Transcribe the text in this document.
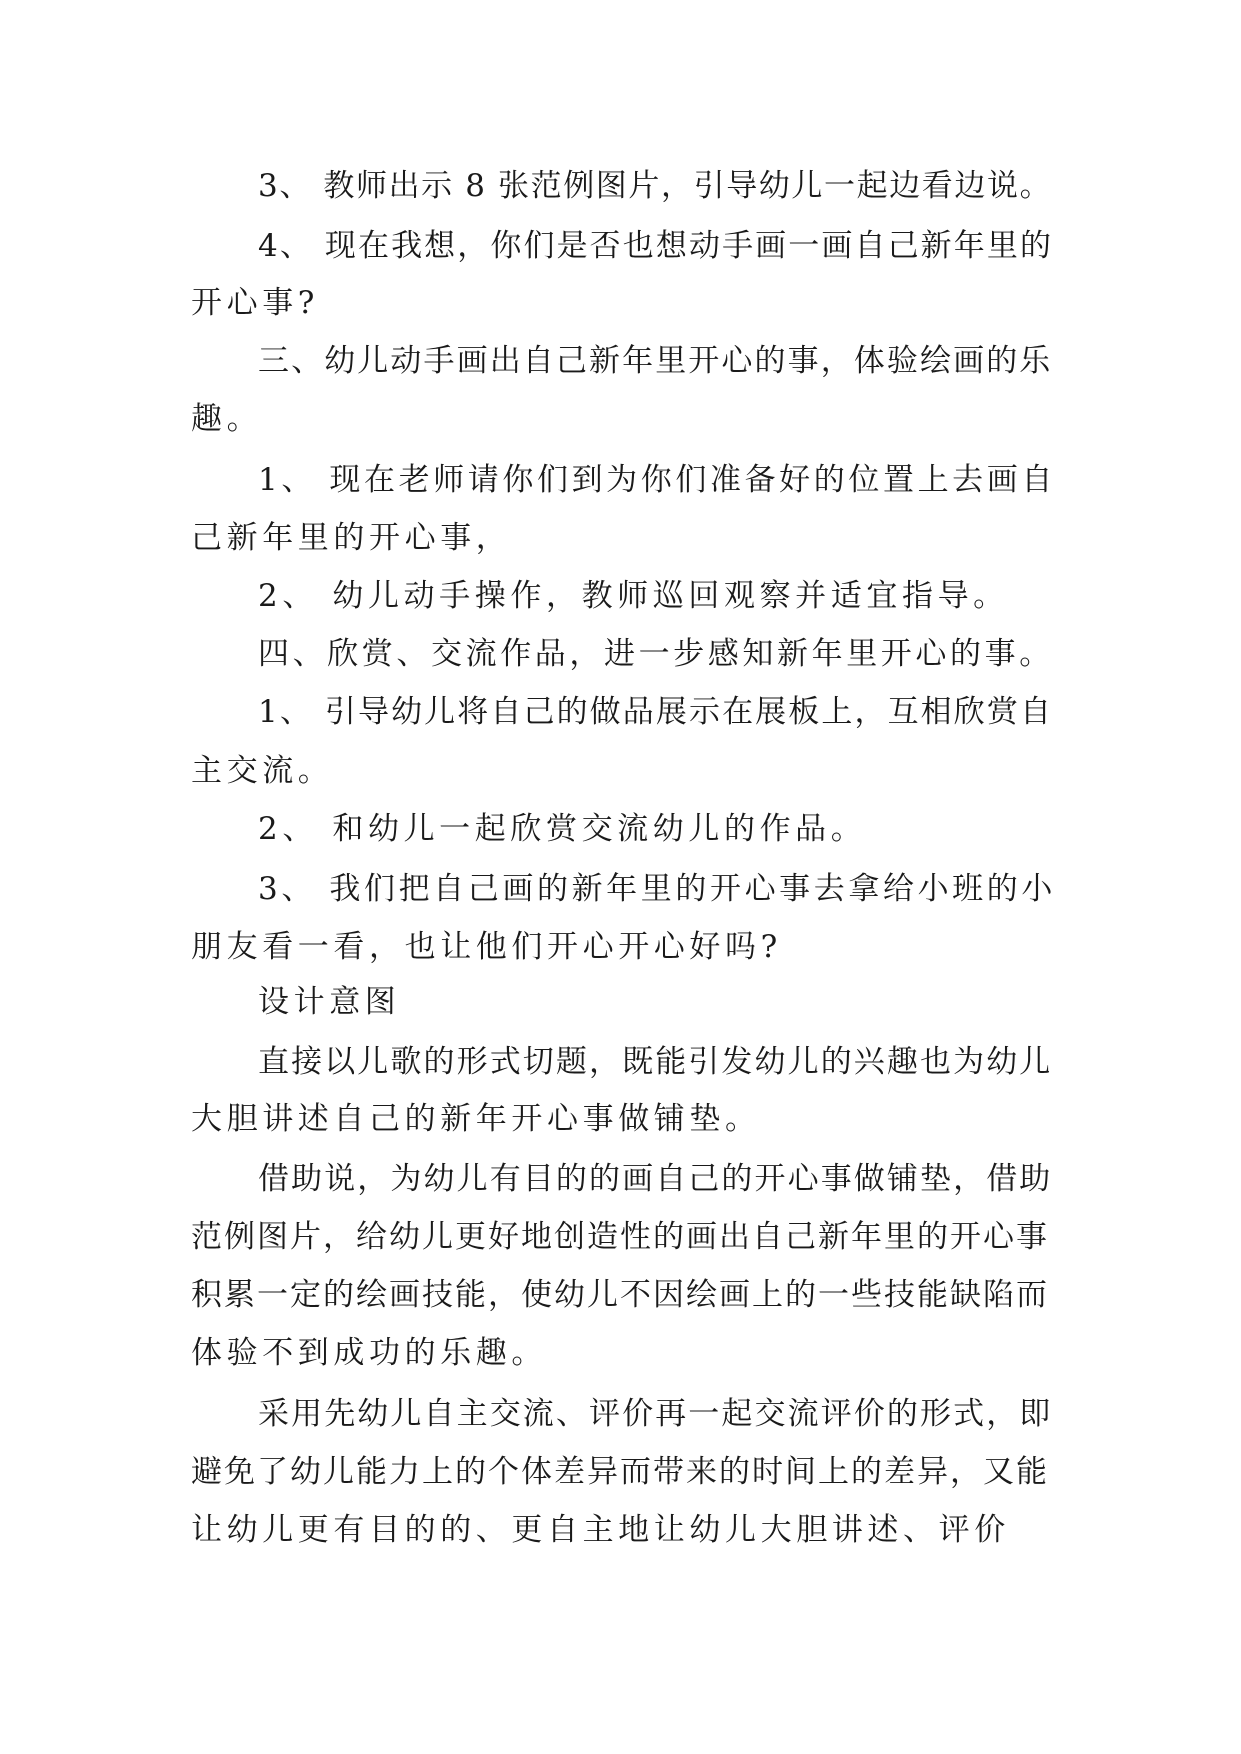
3、 教师出示 8 张范例图片，引导幼儿一起边看边说。

4、 现在我想，你们是否也想动手画一画自己新年里的

开心事?

三、幼儿动手画出自己新年里开心的事，体验绘画的乐

趣。

1、 现在老师请你们到为你们准备好的位置上去画自

己新年里的开心事，

2、 幼儿动手操作，教师巡回观察并适宜指导。

四、欣赏、交流作品，进一步感知新年里开心的事。

1、 引导幼儿将自己的做品展示在展板上，互相欣赏自

主交流。

2、 和幼儿一起欣赏交流幼儿的作品。

3、 我们把自己画的新年里的开心事去拿给小班的小

朋友看一看，也让他们开心开心好吗?

设计意图

直接以儿歌的形式切题，既能引发幼儿的兴趣也为幼儿

大胆讲述自己的新年开心事做铺垫。

借助说，为幼儿有目的的画自己的开心事做铺垫，借助

范例图片，给幼儿更好地创造性的画出自己新年里的开心事

积累一定的绘画技能，使幼儿不因绘画上的一些技能缺陷而

体验不到成功的乐趣。

采用先幼儿自主交流、评价再一起交流评价的形式，即

避免了幼儿能力上的个体差异而带来的时间上的差异，又能

让幼儿更有目的的、更自主地让幼儿大胆讲述、评价
